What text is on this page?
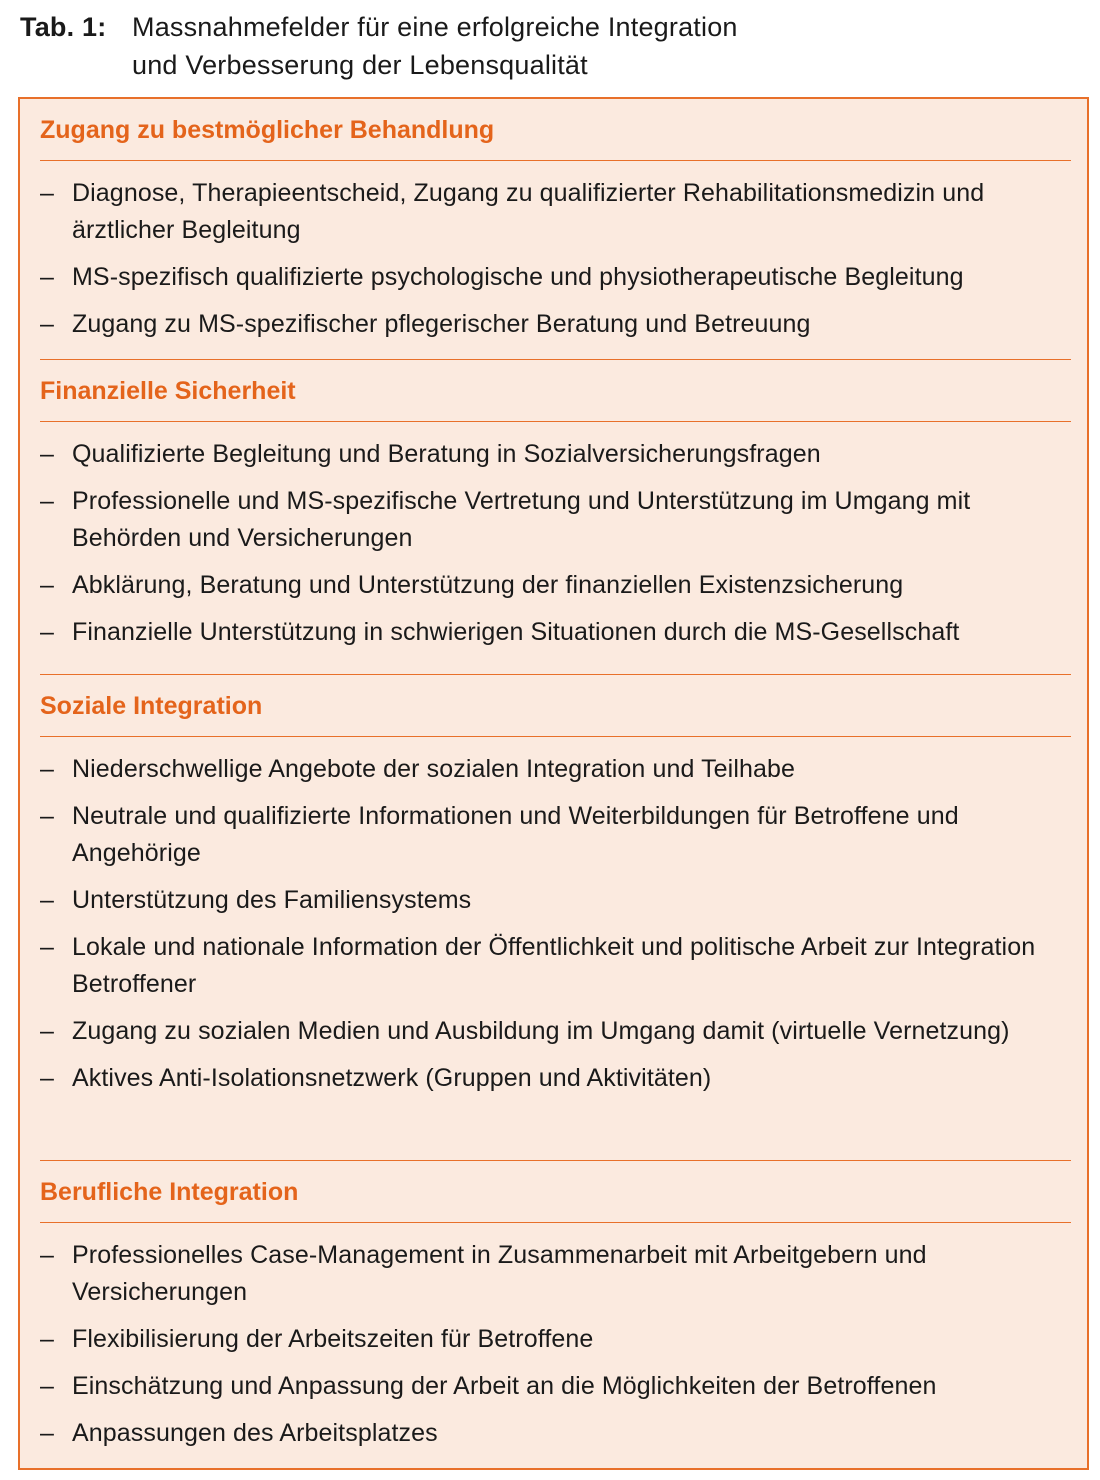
Tab. 1: Massnahmefelder für eine erfolgreiche Integration
und Verbesserung der Lebensqualität
Zugang zu bestmöglicher Behandlung
– Diagnose, Therapieentscheid, Zugang zu qualifizierter Rehabilitationsmedizin und ärztlicher Begleitung
– MS-spezifisch qualifizierte psychologische und physiotherapeutische Begleitung
– Zugang zu MS-spezifischer pflegerischer Beratung und Betreuung
Finanzielle Sicherheit
– Qualifizierte Begleitung und Beratung in Sozialversicherungsfragen
– Professionelle und MS-spezifische Vertretung und Unterstützung im Umgang mit Behörden und Versicherungen
– Abklärung, Beratung und Unterstützung der finanziellen Existenzsicherung
– Finanzielle Unterstützung in schwierigen Situationen durch die MS-Gesellschaft
Soziale Integration
– Niederschwellige Angebote der sozialen Integration und Teilhabe
– Neutrale und qualifizierte Informationen und Weiterbildungen für Betroffene und Angehörige
– Unterstützung des Familiensystems
– Lokale und nationale Information der Öffentlichkeit und politische Arbeit zur Integration Betroffener
– Zugang zu sozialen Medien und Ausbildung im Umgang damit (virtuelle Vernetzung)
– Aktives Anti-Isolationsnetzwerk (Gruppen und Aktivitäten)
Berufliche Integration
– Professionelles Case-Management in Zusammenarbeit mit Arbeitgebern und Versicherungen
– Flexibilisierung der Arbeitszeiten für Betroffene
– Einschätzung und Anpassung der Arbeit an die Möglichkeiten der Betroffenen
– Anpassungen des Arbeitsplatzes
